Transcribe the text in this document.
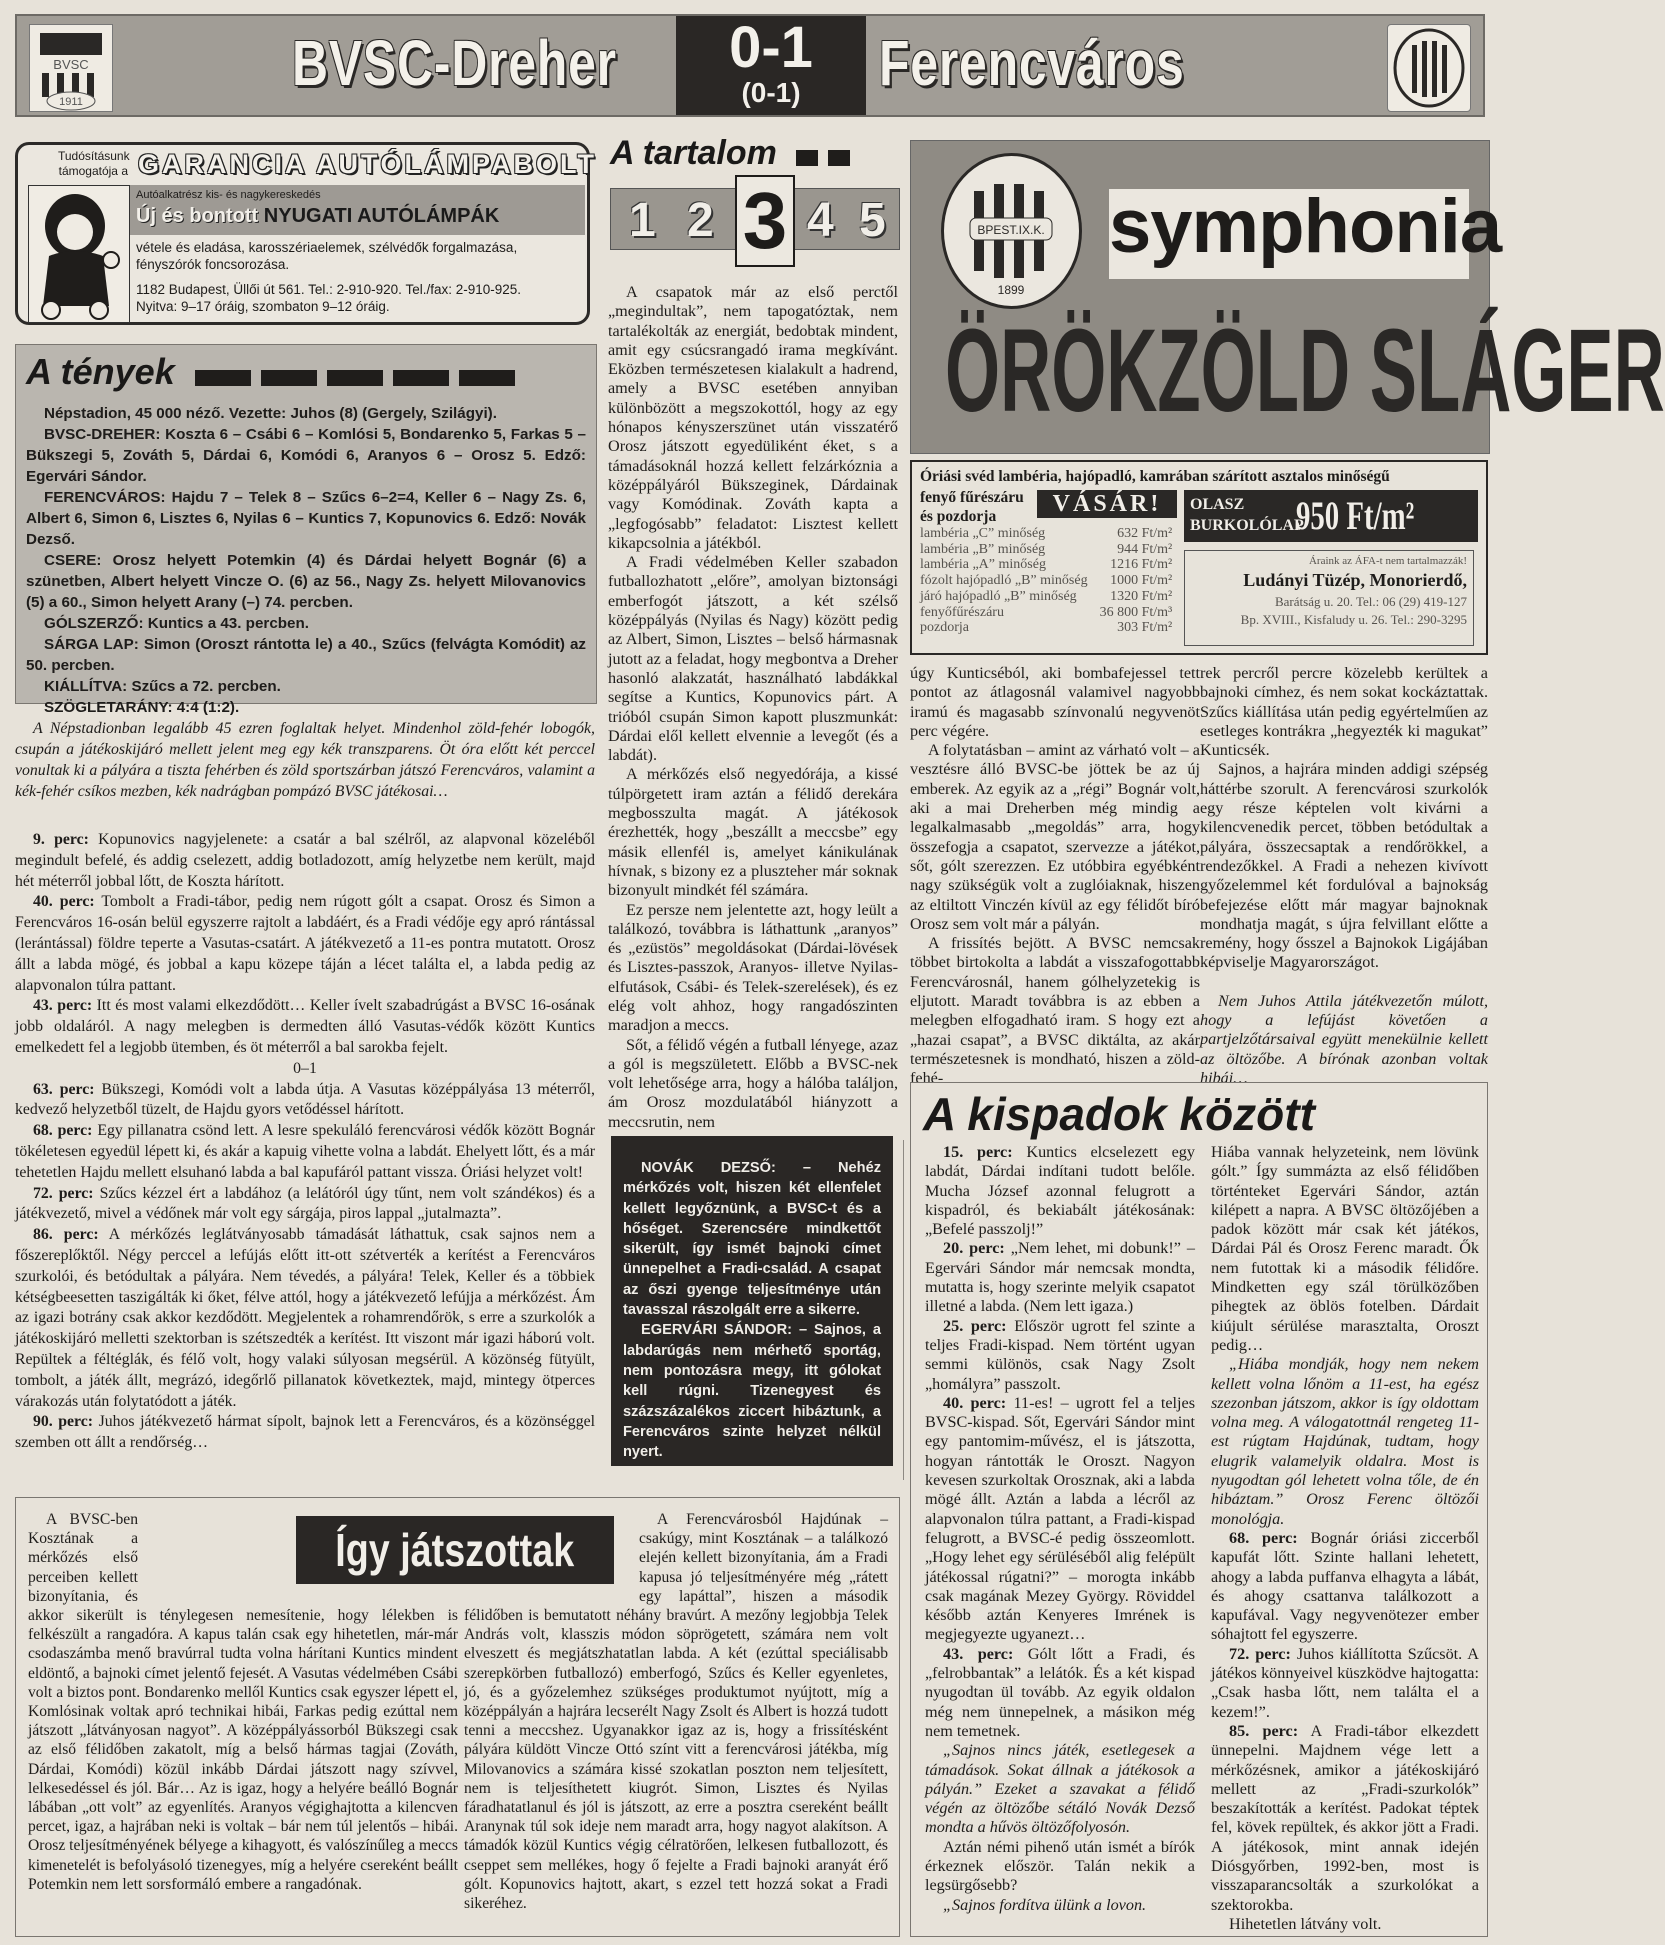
BVSC
1911
BVSC-Dreher	0-1
(0-1)	Ferencváros
Tudósításunk támogatója a GARANCIA AUTÓLÁMPABOLT
Autóalkatrész kis- és nagykereskedés
Új és bontott NYUGATI AUTÓLÁMPÁK
vétele és eladása, karosszériaelemek, szélvédők forgalmazása, fényszórók foncsorozása.
1182 Budapest, Üllői út 561. Tel.: 2-910-920. Tel./fax: 2-910-925.
Nyitva: 9–17 óráig, szombaton 9–12 óráig.
A tények

Népstadion, 45 000 néző. Vezette: Juhos (8) (Gergely, Szilágyi).

BVSC-DREHER: Koszta 6 – Csábi 6 – Komlósi 5, Bondarenko 5, Farkas 5 – Bükszegi 5, Zováth 5, Dárdai 6, Komódi 6, Aranyos 6 – Orosz 5. Edző: Egervári Sándor.

FERENCVÁROS: Hajdu 7 – Telek 8 – Szűcs 6–2=4, Keller 6 – Nagy Zs. 6, Albert 6, Simon 6, Lisztes 6, Nyilas 6 – Kuntics 7, Kopunovics 6. Edző: Novák Dezső.

CSERE: Orosz helyett Potemkin (4) és Dárdai helyett Bognár (6) a szünetben, Albert helyett Vincze O. (6) az 56., Nagy Zs. helyett Milovanovics (5) a 60., Simon helyett Arany (–) 74. percben.

GÓLSZERZŐ: Kuntics a 43. percben.

SÁRGA LAP: Simon (Oroszt rántotta le) a 40., Szűcs (felvágta Komódit) az 50. percben.

KIÁLLÍTVA: Szűcs a 72. percben.

SZÖGLETARÁNY: 4:4 (1:2).

A Népstadionban legalább 45 ezren foglaltak helyet. Mindenhol zöld-fehér lobogók, csupán a játékoskijáró mellett jelent meg egy kék transzparens. Öt óra előtt két perccel vonultak ki a pályára a tiszta fehérben és zöld sportszárban játszó Ferencváros, valamint a kék-fehér csíkos mezben, kék nadrágban pompázó BVSC játékosai…

9. perc: Kopunovics nagyjelenete: a csatár a bal szélről, az alapvonal közeléből megindult befelé, és addig cselezett, addig botladozott, amíg helyzetbe nem került, majd hét méterről jobbal lőtt, de Koszta hárított.

40. perc: Tombolt a Fradi-tábor, pedig nem rúgott gólt a csapat. Orosz és Simon a Ferencváros 16-osán belül egyszerre rajtolt a labdáért, és a Fradi védője egy apró rántással (lerántással) földre teperte a Vasutas-csatárt. A játékvezető a 11-es pontra mutatott. Orosz állt a labda mögé, és jobbal a kapu közepe táján a lécet találta el, a labda pedig az alapvonalon túlra pattant.

43. perc: Itt és most valami elkezdődött… Keller ívelt szabadrúgást a BVSC 16-osának jobb oldaláról. A nagy melegben is dermedten álló Vasutas-védők között Kuntics emelkedett fel a legjobb ütemben, és öt méterről a bal sarokba fejelt.

0–1

63. perc: Bükszegi, Komódi volt a labda útja. A Vasutas középpályása 13 méterről, kedvező helyzetből tüzelt, de Hajdu gyors vetődéssel hárított.

68. perc: Egy pillanatra csönd lett. A lesre spekuláló ferencvárosi védők között Bognár tökéletesen egyedül lépett ki, és akár a kapuig vihette volna a labdát. Ehelyett lőtt, és a már tehetetlen Hajdu mellett elsuhanó labda a bal kapufáról pattant vissza. Óriási helyzet volt!

72. perc: Szűcs kézzel ért a labdához (a lelátóról úgy tűnt, nem volt szándékos) és a játékvezető, mivel a védőnek már volt egy sárgája, piros lappal „jutalmazta”.

86. perc: A mérkőzés leglátványosabb támadását láthattuk, csak sajnos nem a főszereplőktől. Négy perccel a lefújás előtt itt-ott szétverték a kerítést a Ferencváros szurkolói, és betódultak a pályára. Nem tévedés, a pályára! Telek, Keller és a többiek kétségbeesetten taszigálták ki őket, félve attól, hogy a játékvezető lefújja a mérkőzést. Ám az igazi botrány csak akkor kezdődött. Megjelentek a rohamrendőrök, s erre a szurkolók a játékoskijáró melletti szektorban is szétszedték a kerítést. Itt viszont már igazi háború volt. Repültek a féltéglák, és félő volt, hogy valaki súlyosan megsérül. A közönség fütyült, tombolt, a játék állt, megrázó, idegőrlő pillanatok következtek, majd, mintegy ötperces várakozás után folytatódott a játék.

90. perc: Juhos játékvezető hármat sípolt, bajnok lett a Ferencváros, és a közönséggel szemben ott állt a rendőrség…

A tartalom
1 2 3 4 5

A csapatok már az első perctől „megindultak”, nem tapogatóztak, nem tartalékolták az energiát, bedobtak mindent, amit egy csúcsrangadó irama megkívánt. Eközben természetesen kialakult a hadrend, amely a BVSC esetében annyiban különbözött a megszokottól, hogy az egy hónapos kényszerszünet után visszatérő Orosz játszott egyedüliként éket, s a támadásoknál hozzá kellett felzárkóznia a középpályáról Bükszeginek, Dárdainak vagy Komódinak. Zováth kapta a „legfogósabb” feladatot: Lisztest kellett kikapcsolnia a játékból.

A Fradi védelmében Keller szabadon futballozhatott „előre”, amolyan biztonsági emberfogót játszott, a két szélső középpályás (Nyilas és Nagy) között pedig az Albert, Simon, Lisztes – belső hármasnak jutott az a feladat, hogy megbontva a Dreher hasonló alakzatát, használható labdákkal segítse a Kuntics, Kopunovics párt. A trióból csupán Simon kapott pluszmunkát: Dárdai elől kellett elvennie a levegőt (és a labdát).

A mérkőzés első negyedórája, a kissé túlpörgetett iram aztán a félidő derekára megbosszulta magát. A játékosok érezhették, hogy „beszállt a meccsbe” egy másik ellenfél is, amelyet kánikulának hívnak, s bizony ez a pluszteher már soknak bizonyult mindkét fél számára.

Ez persze nem jelentette azt, hogy leült a találkozó, továbbra is láthattunk „aranyos” és „ezüstös” megoldásokat (Dárdai-lövések és Lisztes-passzok, Aranyos- illetve Nyilas-elfutások, Csábi- és Telek-szerelések), és ez elég volt ahhoz, hogy rangadószinten maradjon a meccs.

Sőt, a félidő végén a futball lényege, azaz a gól is megszületett. Előbb a BVSC-nek volt lehetősége arra, hogy a hálóba találjon, ám Orosz mozdulatából hiányzott a meccsrutin, nem

NOVÁK DEZSŐ: – Nehéz mérkőzés volt, hiszen két ellenfelet kellett legyőznünk, a BVSC-t és a hőséget. Szerencsére mindkettőt sikerült, így ismét bajnoki címet ünnepelhet a Fradi-család. A csapat az őszi gyenge teljesítménye után tavasszal rászolgált erre a sikerre.

EGERVÁRI SÁNDOR: – Sajnos, a labdarúgás nem mérhető sportág, nem pontozásra megy, itt gólokat kell rúgni. Tizenegyest és százszázalékos ziccert hibáztunk, a Ferencváros szinte helyzet nélkül nyert.

BPEST.IX.K.
1899
symphonia
ÖRÖKZÖLD SLÁGER
Óriási svéd lambéria, hajópadló, kamrában szárított asztalos minőségű
fenyő fűrészáru és pozdorja	VÁSÁR!
lambéria „C” minőség	632 Ft/m²
lambéria „B” minőség	944 Ft/m²
lambéria „A” minőség	1216 Ft/m²
fózolt hajópadló „B” minőség	1000 Ft/m²
járó hajópadló „B” minőség	1320 Ft/m²
fenyőfűrészáru	36 800 Ft/m³
pozdorja	303 Ft/m²
OLASZ BURKOLÓLAP
950 Ft/m²
Áraink az ÁFA-t nem tartalmazzák!
Ludányi Tüzép, Monorierdő,
Barátság u. 20. Tel.: 06 (29) 419-127
Bp. XVIII., Kisfaludy u. 26. Tel.: 290-3295

úgy Kunticséból, aki bombafejessel tett pontot az átlagosnál valamivel nagyobb iramú és magasabb színvonalú negyvenöt perc végére.

A folytatásban – amint az várható volt – a vesztésre álló BVSC-be jöttek be az új emberek. Az egyik az a „régi” Bognár volt, aki a mai Dreherben még mindig a legalkalmasabb „megoldás” arra, hogy összefogja a csapatot, szervezze a játékot, sőt, gólt szerezzen. Ez utóbbira egyébként nagy szükségük volt a zuglóiaknak, hiszen az eltiltott Vinczén kívül az egy félidőt bíró Orosz sem volt már a pályán.

A frissítés bejött. A BVSC nemcsak többet birtokolta a labdát a visszafogottabb Ferencvárosnál, hanem gólhelyzetekig is eljutott. Maradt továbbra is az ebben a melegben elfogadható iram. S hogy ezt a „hazai csapat”, a BVSC diktálta, az akár természetesnek is mondható, hiszen a zöld-fehé-

rek percről percre közelebb kerültek a bajnoki címhez, és nem sokat kockáztattak. Szűcs kiállítása után pedig egyértelműen az esetleges kontrákra „hegyezték ki magukat” Kunticsék.

Sajnos, a hajrára minden addigi szépség háttérbe szorult. A ferencvárosi szurkolók egy része képtelen volt kivárni a kilencvenedik percet, többen betódultak a pályára, összecsaptak a rendőrökkel, a rendezőkkel. A Fradi a nehezen kivívott győzelemmel két fordulóval a bajnokság befejezése előtt már magyar bajnoknak mondhatja magát, s újra felvillant előtte a remény, hogy ősszel a Bajnokok Ligájában képviselje Magyarországot.

Nem Juhos Attila játékvezetőn múlott, hogy a lefújást követően a partjelzőtársaival együtt menekülnie kellett az öltözőbe. A bírónak azonban voltak hibái…

A kispadok között

15. perc: Kuntics elcselezett egy labdát, Dárdai indítani tudott belőle. Mucha József azonnal felugrott a kispadról, és bekiabált játékosának: „Befelé passzolj!”

20. perc: „Nem lehet, mi dobunk!” – Egervári Sándor már nemcsak mondta, mutatta is, hogy szerinte melyik csapatot illetné a labda. (Nem lett igaza.)

25. perc: Először ugrott fel szinte a teljes Fradi-kispad. Nem történt ugyan semmi különös, csak Nagy Zsolt „homályra” passzolt.

40. perc: 11-es! – ugrott fel a teljes BVSC-kispad. Sőt, Egervári Sándor mint egy pantomim-művész, el is játszotta, hogyan rántották le Oroszt. Nagyon kevesen szurkoltak Orosznak, aki a labda mögé állt. Aztán a labda a lécről az alapvonalon túlra pattant, a Fradi-kispad felugrott, a BVSC-é pedig összeomlott. „Hogy lehet egy sérüléséből alig felépült játékossal rúgatni?” – morogta inkább csak magának Mezey György. Röviddel később aztán Kenyeres Imrének is megjegyezte ugyanezt…

43. perc: Gólt lőtt a Fradi, és „felrobbantak” a lelátók. És a két kispad nyugodtan ül tovább. Az egyik oldalon még nem ünnepelnek, a másikon még nem temetnek.

„Sajnos nincs játék, esetlegesek a támadások. Sokat állnak a játékosok a pályán.” Ezeket a szavakat a félidő végén az öltözőbe sétáló Novák Dezső mondta a hűvös öltözőfolyosón.

Aztán némi pihenő után ismét a bírók érkeznek először. Talán nekik a legsürgősebb?

„Sajnos fordítva ülünk a lovon.

Hiába vannak helyzeteink, nem lövünk gólt.” Így summázta az első félidőben történteket Egervári Sándor, aztán kilépett a napra. A BVSC öltözőjében a padok között már csak két játékos, Dárdai Pál és Orosz Ferenc maradt. Ők nem futottak ki a második félidőre. Mindketten egy szál törülközőben pihegtek az öblös fotelben. Dárdait kiújult sérülése marasztalta, Oroszt pedig…

„Hiába mondják, hogy nem nekem kellett volna lőnöm a 11-est, ha egész szezonban játszom, akkor is így oldottam volna meg. A válogatottnál rengeteg 11-est rúgtam Hajdúnak, tudtam, hogy elugrik valamelyik oldalra. Most is nyugodtan gól lehetett volna tőle, de én hibáztam.” Orosz Ferenc öltözői monológja.

68. perc: Bognár óriási ziccerből kapufát lőtt. Szinte hallani lehetett, ahogy a labda puffanva elhagyta a lábát, és ahogy csattanva találkozott a kapufával. Vagy negyvenötezer ember sóhajtott fel egyszerre.

72. perc: Juhos kiállította Szűcsöt. A játékos könnyeivel küszködve hajtogatta: „Csak hasba lőtt, nem találta el a kezem!”.

85. perc: A Fradi-tábor elkezdett ünnepelni. Majdnem vége lett a mérkőzésnek, amikor a játékoskijáró mellett az „Fradi-szurkolók” beszakították a kerítést. Padokat téptek fel, kövek repültek, és akkor jött a Fradi. A játékosok, mint annak idején Diósgyőrben, 1992-ben, most is visszaparancsolták a szurkolókat a szektorokba.

Hihetetlen látvány volt.

A BVSC-ben Kosztának a mérkőzés első perceiben kellett bizonyítania, és akkor sikerült is ténylegesen nemesítenie, hogy lélekben is felkészült a rangadóra. A kapus talán csak egy hihetetlen, már-már csodaszámba menő bravúrral tudta volna hárítani Kuntics mindent eldöntő, a bajnoki címet jelentő fejesét. A Vasutas védelmében Csábi volt a biztos pont. Bondarenko mellől Kuntics csak egyszer lépett el, Komlósinak voltak apró technikai hibái, Farkas pedig ezúttal nem játszott „látványosan nagyot”. A középpályássorból Bükszegi csak az első félidőben zakatolt, míg a belső hármas tagjai (Zováth, Dárdai, Komódi) közül inkább Dárdai játszott nagy szívvel, lelkesedéssel és jól. Bár… Az is igaz, hogy a helyére beálló Bognár lábában „ott volt” az egyenlítés. Aranyos végighajtotta a kilencven percet, igaz, a hajrában neki is voltak – bár nem túl jelentős – hibái. Orosz teljesítményének bélyege a kihagyott, és valószínűleg a meccs kimenetelét is befolyásoló tizenegyes, míg a helyére csereként beállt Potemkin nem lett sorsformáló embere a rangadónak.

A Ferencvárosból Hajdúnak – csakúgy, mint Kosztának – a találkozó elején kellett bizonyítania, ám a Fradi kapusa jó teljesítményére még „rátett egy lapáttal”, hiszen a második félidőben is bemutatott néhány bravúrt. A mezőny legjobbja Telek András volt, klasszis módon söprögetett, számára nem volt elveszett és megjátszhatatlan labda. A két (ezúttal speciálisabb szerepkörben futballozó) emberfogó, Szűcs és Keller egyenletes, jó, és a győzelemhez szükséges produktumot nyújtott, míg a középpályán a hajrára lecserélt Nagy Zsolt és Albert is hozzá tudott tenni a meccshez. Ugyanakkor igaz az is, hogy a frissítésként pályára küldött Vincze Ottó színt vitt a ferencvárosi játékba, míg Milovanovics a számára kissé szokatlan poszton nem teljesített, nem is teljesíthetett kiugrót. Simon, Lisztes és Nyilas fáradhatatlanul és jól is játszott, az erre a posztra csereként beállt Aranynak túl sok ideje nem maradt arra, hogy nagyot alakítson. A támadók közül Kuntics végig célratörően, lelkesen futballozott, és cseppet sem mellékes, hogy ő fejelte a Fradi bajnoki aranyát érő gólt. Kopunovics hajtott, akart, s ezzel tett hozzá sokat a Fradi sikeréhez.

Így játszottak
